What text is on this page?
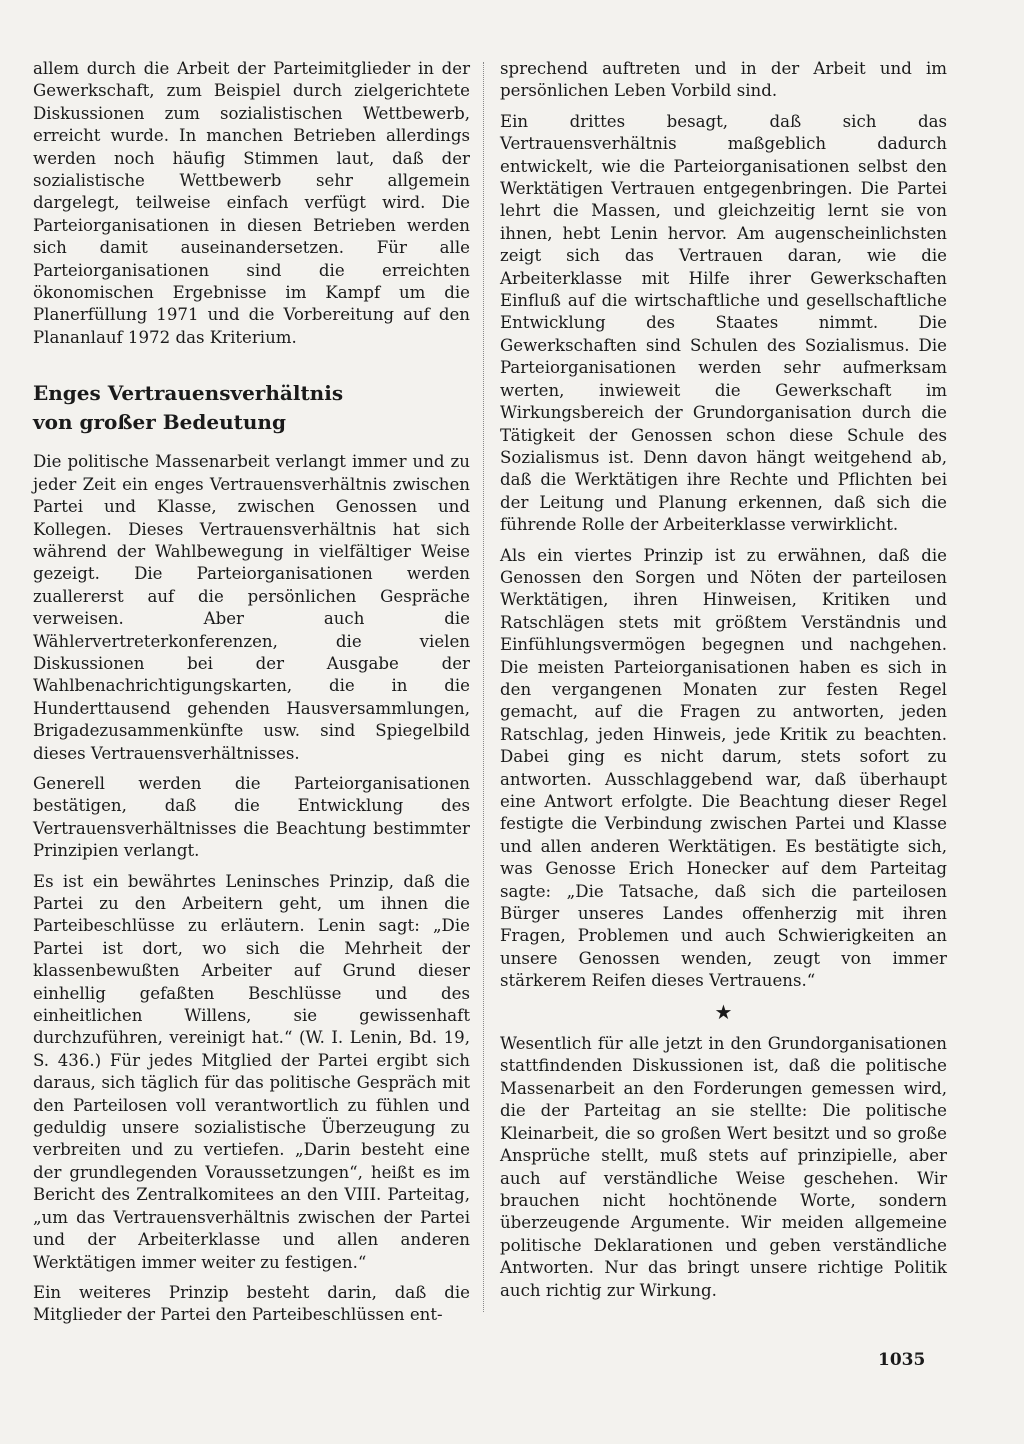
allem durch die Arbeit der Parteimitglieder in der Gewerkschaft, zum Beispiel durch zielgerichtete Diskussionen zum sozialistischen Wettbewerb, erreicht wurde. In manchen Betrieben allerdings werden noch häufig Stimmen laut, daß der sozialistische Wettbewerb sehr allgemein dargelegt, teilweise einfach verfügt wird. Die Parteiorganisationen in diesen Betrieben werden sich damit auseinandersetzen. Für alle Parteiorganisationen sind die erreichten ökonomischen Ergebnisse im Kampf um die Planerfüllung 1971 und die Vorbereitung auf den Plananlauf 1972 das Kriterium.

Enges Vertrauensverhältnis
von großer Bedeutung

Die politische Massenarbeit verlangt immer und zu jeder Zeit ein enges Vertrauensverhältnis zwischen Partei und Klasse, zwischen Genossen und Kollegen. Dieses Vertrauensverhältnis hat sich während der Wahlbewegung in vielfältiger Weise gezeigt. Die Parteiorganisationen werden zuallererst auf die persönlichen Gespräche verweisen. Aber auch die Wählervertreterkonferenzen, die vielen Diskussionen bei der Ausgabe der Wahlbenachrichtigungskarten, die in die Hunderttausend gehenden Hausversammlungen, Brigadezusammenkünfte usw. sind Spiegelbild dieses Vertrauensverhältnisses.

Generell werden die Parteiorganisationen bestätigen, daß die Entwicklung des Vertrauensverhältnisses die Beachtung bestimmter Prinzipien verlangt.

Es ist ein bewährtes Leninsches Prinzip, daß die Partei zu den Arbeitern geht, um ihnen die Parteibeschlüsse zu erläutern. Lenin sagt: „Die Partei ist dort, wo sich die Mehrheit der klassenbewußten Arbeiter auf Grund dieser einhellig gefaßten Beschlüsse und des einheitlichen Willens, sie gewissenhaft durchzuführen, vereinigt hat.“ (W. I. Lenin, Bd. 19, S. 436.) Für jedes Mitglied der Partei ergibt sich daraus, sich täglich für das politische Gespräch mit den Parteilosen voll verantwortlich zu fühlen und geduldig unsere sozialistische Überzeugung zu verbreiten und zu vertiefen. „Darin besteht eine der grundlegenden Voraussetzungen“, heißt es im Bericht des Zentralkomitees an den VIII. Parteitag, „um das Vertrauensverhältnis zwischen der Partei und der Arbeiterklasse und allen anderen Werktätigen immer weiter zu festigen.“

Ein weiteres Prinzip besteht darin, daß die Mitglieder der Partei den Parteibeschlüssen ent-

sprechend auftreten und in der Arbeit und im persönlichen Leben Vorbild sind.

Ein drittes besagt, daß sich das Vertrauensverhältnis maßgeblich dadurch entwickelt, wie die Parteiorganisationen selbst den Werktätigen Vertrauen entgegenbringen. Die Partei lehrt die Massen, und gleichzeitig lernt sie von ihnen, hebt Lenin hervor. Am augenscheinlichsten zeigt sich das Vertrauen daran, wie die Arbeiterklasse mit Hilfe ihrer Gewerkschaften Einfluß auf die wirtschaftliche und gesellschaftliche Entwicklung des Staates nimmt. Die Gewerkschaften sind Schulen des Sozialismus. Die Parteiorganisationen werden sehr aufmerksam werten, inwieweit die Gewerkschaft im Wirkungsbereich der Grundorganisation durch die Tätigkeit der Genossen schon diese Schule des Sozialismus ist. Denn davon hängt weitgehend ab, daß die Werktätigen ihre Rechte und Pflichten bei der Leitung und Planung erkennen, daß sich die führende Rolle der Arbeiterklasse verwirklicht.

Als ein viertes Prinzip ist zu erwähnen, daß die Genossen den Sorgen und Nöten der parteilosen Werktätigen, ihren Hinweisen, Kritiken und Ratschlägen stets mit größtem Verständnis und Einfühlungsvermögen begegnen und nachgehen. Die meisten Parteiorganisationen haben es sich in den vergangenen Monaten zur festen Regel gemacht, auf die Fragen zu antworten, jeden Ratschlag, jeden Hinweis, jede Kritik zu beachten. Dabei ging es nicht darum, stets sofort zu antworten. Ausschlaggebend war, daß überhaupt eine Antwort erfolgte. Die Beachtung dieser Regel festigte die Verbindung zwischen Partei und Klasse und allen anderen Werktätigen. Es bestätigte sich, was Genosse Erich Honecker auf dem Parteitag sagte: „Die Tatsache, daß sich die parteilosen Bürger unseres Landes offenherzig mit ihren Fragen, Problemen und auch Schwierigkeiten an unsere Genossen wenden, zeugt von immer stärkerem Reifen dieses Vertrauens.“

★

Wesentlich für alle jetzt in den Grundorganisationen stattfindenden Diskussionen ist, daß die politische Massenarbeit an den Forderungen gemessen wird, die der Parteitag an sie stellte: Die politische Kleinarbeit, die so großen Wert besitzt und so große Ansprüche stellt, muß stets auf prinzipielle, aber auch auf verständliche Weise geschehen. Wir brauchen nicht hochtönende Worte, sondern überzeugende Argumente. Wir meiden allgemeine politische Deklarationen und geben verständliche Antworten. Nur das bringt unsere richtige Politik auch richtig zur Wirkung.

1035
